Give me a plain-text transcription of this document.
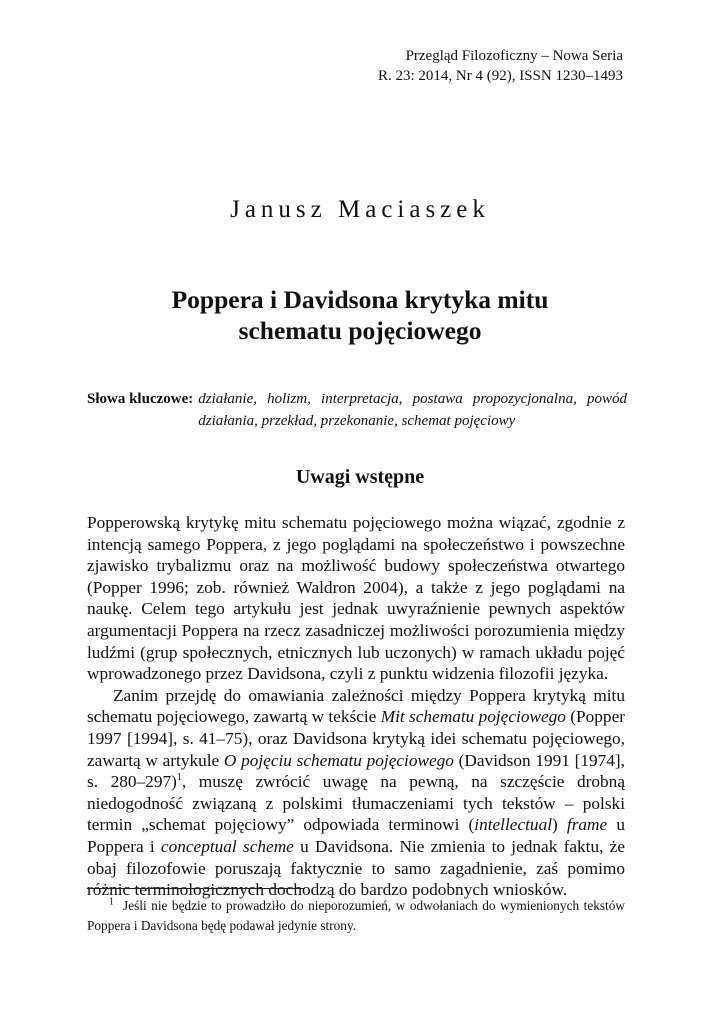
Przegląd Filozoficzny – Nowa Seria
R. 23: 2014, Nr 4 (92), ISSN 1230–1493
Janusz Maciaszek
Poppera i Davidsona krytyka mitu
schematu pojęciowego
Słowa kluczowe: działanie, holizm, interpretacja, postawa propozycjonalna, powód działania, przekład, przekonanie, schemat pojęciowy
Uwagi wstępne

Popperowską krytykę mitu schematu pojęciowego można wiązać, zgodnie z intencją samego Poppera, z jego poglądami na społeczeństwo i powszechne zjawisko trybalizmu oraz na możliwość budowy społeczeństwa otwartego (Popper 1996; zob. również Waldron 2004), a także z jego poglądami na naukę. Celem tego artykułu jest jednak uwyraźnienie pewnych aspektów argumentacji Poppera na rzecz zasadniczej możliwości porozumienia między ludźmi (grup społecznych, etnicznych lub uczonych) w ramach układu pojęć wprowadzonego przez Davidsona, czyli z punktu widzenia filozofii języka.

Zanim przejdę do omawiania zależności między Poppera krytyką mitu schematu pojęciowego, zawartą w tekście Mit schematu pojęciowego (Popper 1997 [1994], s. 41–75), oraz Davidsona krytyką idei schematu pojęciowego, zawartą w artykule O pojęciu schematu pojęciowego (Davidson 1991 [1974], s. 280–297)$^1$, muszę zwrócić uwagę na pewną, na szczęście drobną niedogodność związaną z polskimi tłumaczeniami tych tekstów – polski termin „schemat pojęciowy” odpowiada terminowi (intellectual) frame u Poppera i conceptual scheme u Davidsona. Nie zmienia to jednak faktu, że obaj filozofowie poruszają faktycznie to samo zagadnienie, zaś pomimo różnic terminologicznych dochodzą do bardzo podobnych wniosków.

$^1$ Jeśli nie będzie to prowadziło do nieporozumień, w odwołaniach do wymienionych tekstów Poppera i Davidsona będę podawał jedynie strony.
